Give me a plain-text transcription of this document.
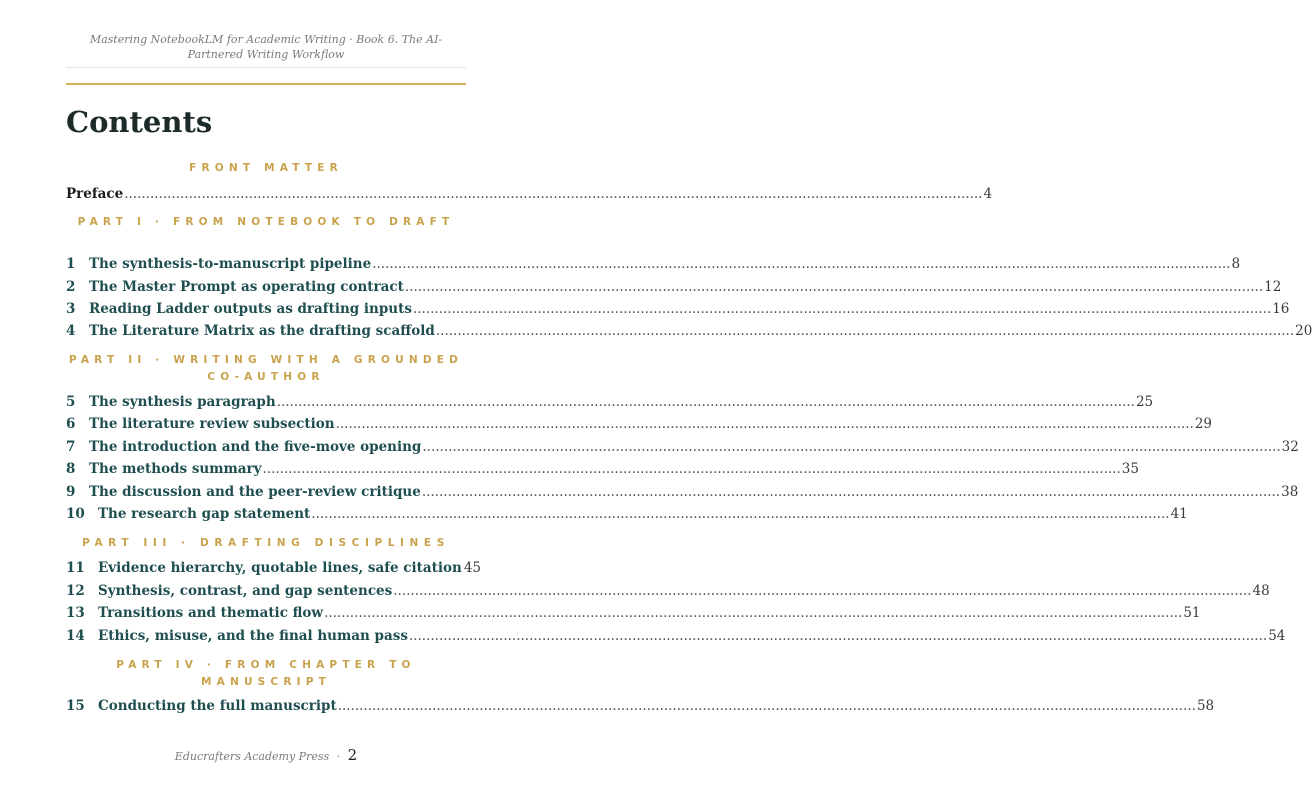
Mastering NotebookLM for Academic Writing · Book 6. The AI-Partnered Writing Workflow
Contents
FRONT MATTER
Preface ........................................................................................................................................................................................................ 4
PART I · FROM NOTEBOOK TO DRAFT
1	The synthesis-to-manuscript pipeline ........................................................................................................................................................................................................ 8
2	The Master Prompt as operating contract ........................................................................................................................................................................................................ 12
3	Reading Ladder outputs as drafting inputs ........................................................................................................................................................................................................ 16
4	The Literature Matrix as the drafting scaffold ........................................................................................................................................................................................................ 20
PART II · WRITING WITH A GROUNDED CO-AUTHOR
5	The synthesis paragraph ........................................................................................................................................................................................................ 25
6	The literature review subsection ........................................................................................................................................................................................................ 29
7	The introduction and the five-move opening ........................................................................................................................................................................................................ 32
8	The methods summary ........................................................................................................................................................................................................ 35
9	The discussion and the peer-review critique ........................................................................................................................................................................................................ 38
10 The research gap statement ........................................................................................................................................................................................................ 41
PART III · DRAFTING DISCIPLINES
11 Evidence hierarchy, quotable lines, safe citation 45
12 Synthesis, contrast, and gap sentences ........................................................................................................................................................................................................ 48
13 Transitions and thematic flow ........................................................................................................................................................................................................ 51
14 Ethics, misuse, and the final human pass ........................................................................................................................................................................................................ 54
PART IV · FROM CHAPTER TO MANUSCRIPT
15 Conducting the full manuscript ........................................................................................................................................................................................................ 58
Educrafters Academy Press · 2
